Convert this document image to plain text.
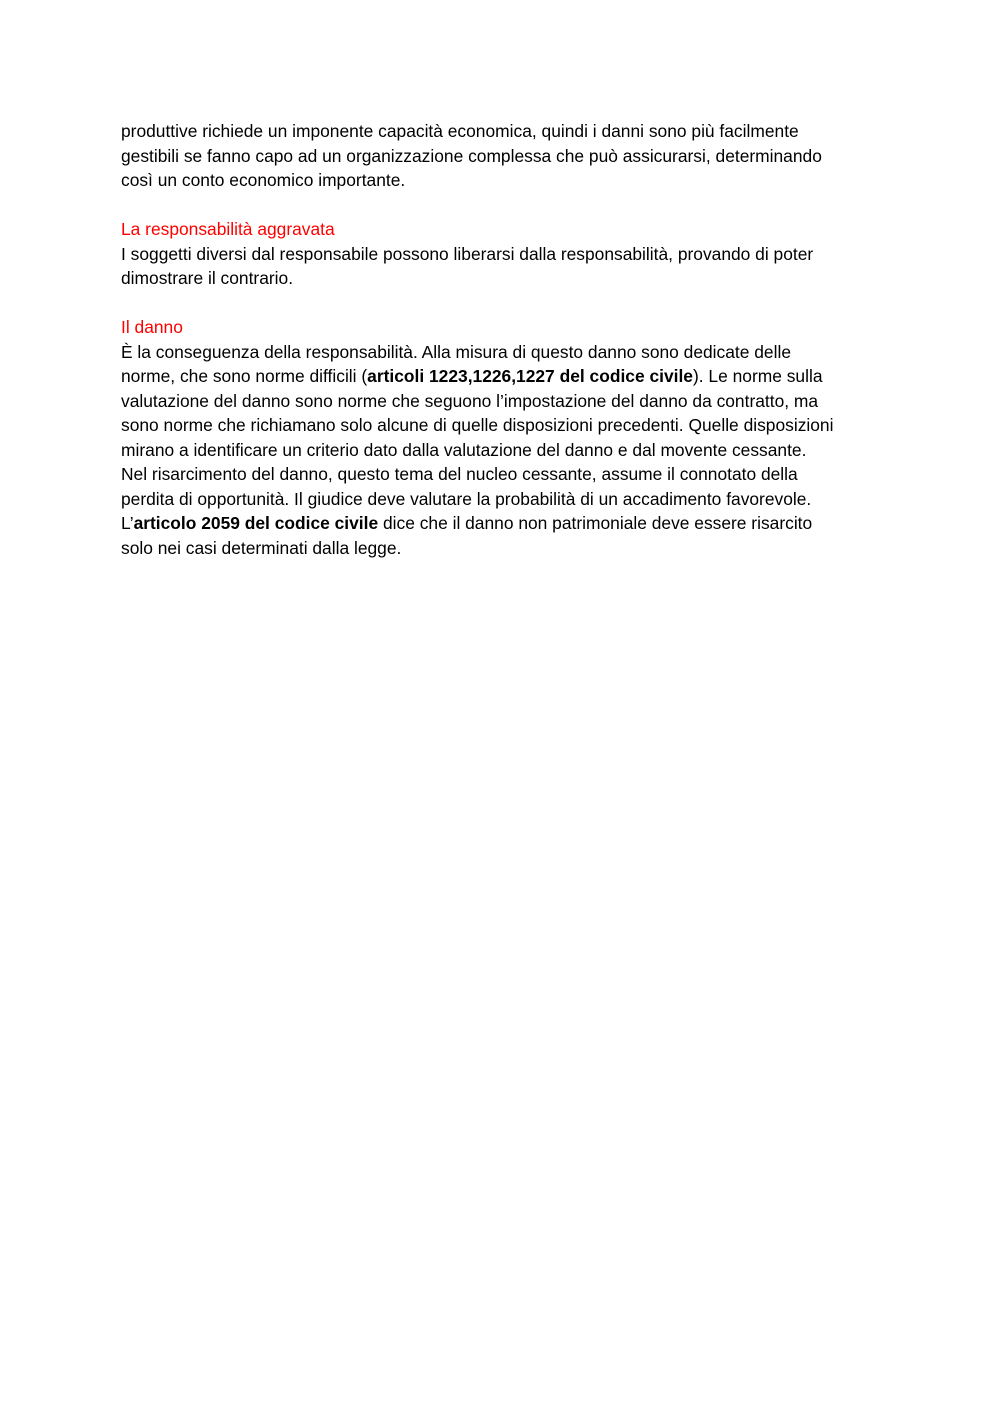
produttive richiede un imponente capacità economica, quindi i danni sono più facilmente
gestibili se fanno capo ad un organizzazione complessa che può assicurarsi, determinando
così un conto economico importante.
La responsabilità aggravata
I soggetti diversi dal responsabile possono liberarsi dalla responsabilità, provando di poter
dimostrare il contrario.
Il danno
È la conseguenza della responsabilità. Alla misura di questo danno sono dedicate delle
norme, che sono norme difficili (articoli 1223,1226,1227 del codice civile). Le norme sulla
valutazione del danno sono norme che seguono l’impostazione del danno da contratto, ma
sono norme che richiamano solo alcune di quelle disposizioni precedenti. Quelle disposizioni
mirano a identificare un criterio dato dalla valutazione del danno e dal movente cessante.
Nel risarcimento del danno, questo tema del nucleo cessante, assume il connotato della
perdita di opportunità. Il giudice deve valutare la probabilità di un accadimento favorevole.
L’articolo 2059 del codice civile dice che il danno non patrimoniale deve essere risarcito
solo nei casi determinati dalla legge.
